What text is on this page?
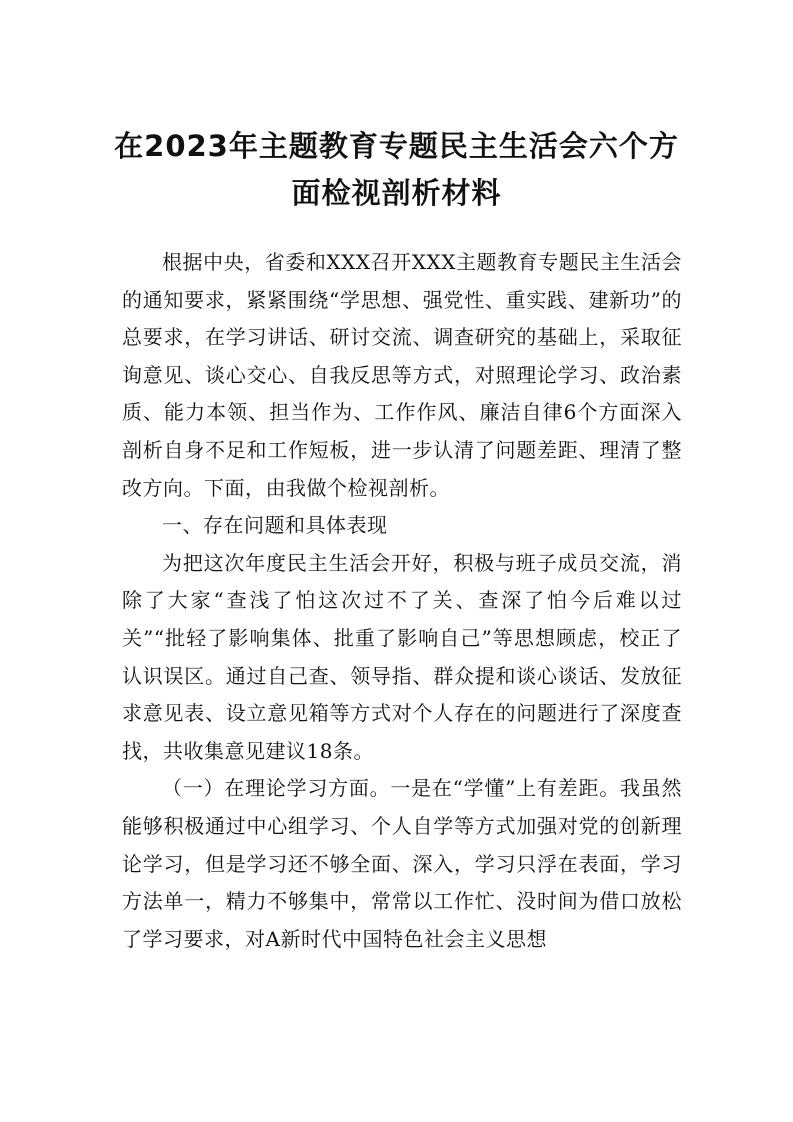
在2023年主题教育专题民主生活会六个方
面检视剖析材料

根据中央，省委和XXX召开XXX主题教育专题民主生活会的通知要求，紧紧围绕“学思想、强党性、重实践、建新功”的总要求，在学习讲话、研讨交流、调查研究的基础上，采取征询意见、谈心交心、自我反思等方式，对照理论学习、政治素质、能力本领、担当作为、工作作风、廉洁自律6个方面深入剖析自身不足和工作短板，进一步认清了问题差距、理清了整改方向。下面，由我做个检视剖析。

一、存在问题和具体表现

为把这次年度民主生活会开好，积极与班子成员交流，消除了大家“查浅了怕这次过不了关、查深了怕今后难以过关”“批轻了影响集体、批重了影响自己”等思想顾虑，校正了认识误区。通过自己查、领导指、群众提和谈心谈话、发放征求意见表、设立意见箱等方式对个人存在的问题进行了深度查找，共收集意见建议18条。

（一）在理论学习方面。一是在“学懂”上有差距。我虽然能够积极通过中心组学习、个人自学等方式加强对党的创新理论学习，但是学习还不够全面、深入，学习只浮在表面，学习方法单一，精力不够集中，常常以工作忙、没时间为借口放松了学习要求，对A新时代中国特色社会主义思想
